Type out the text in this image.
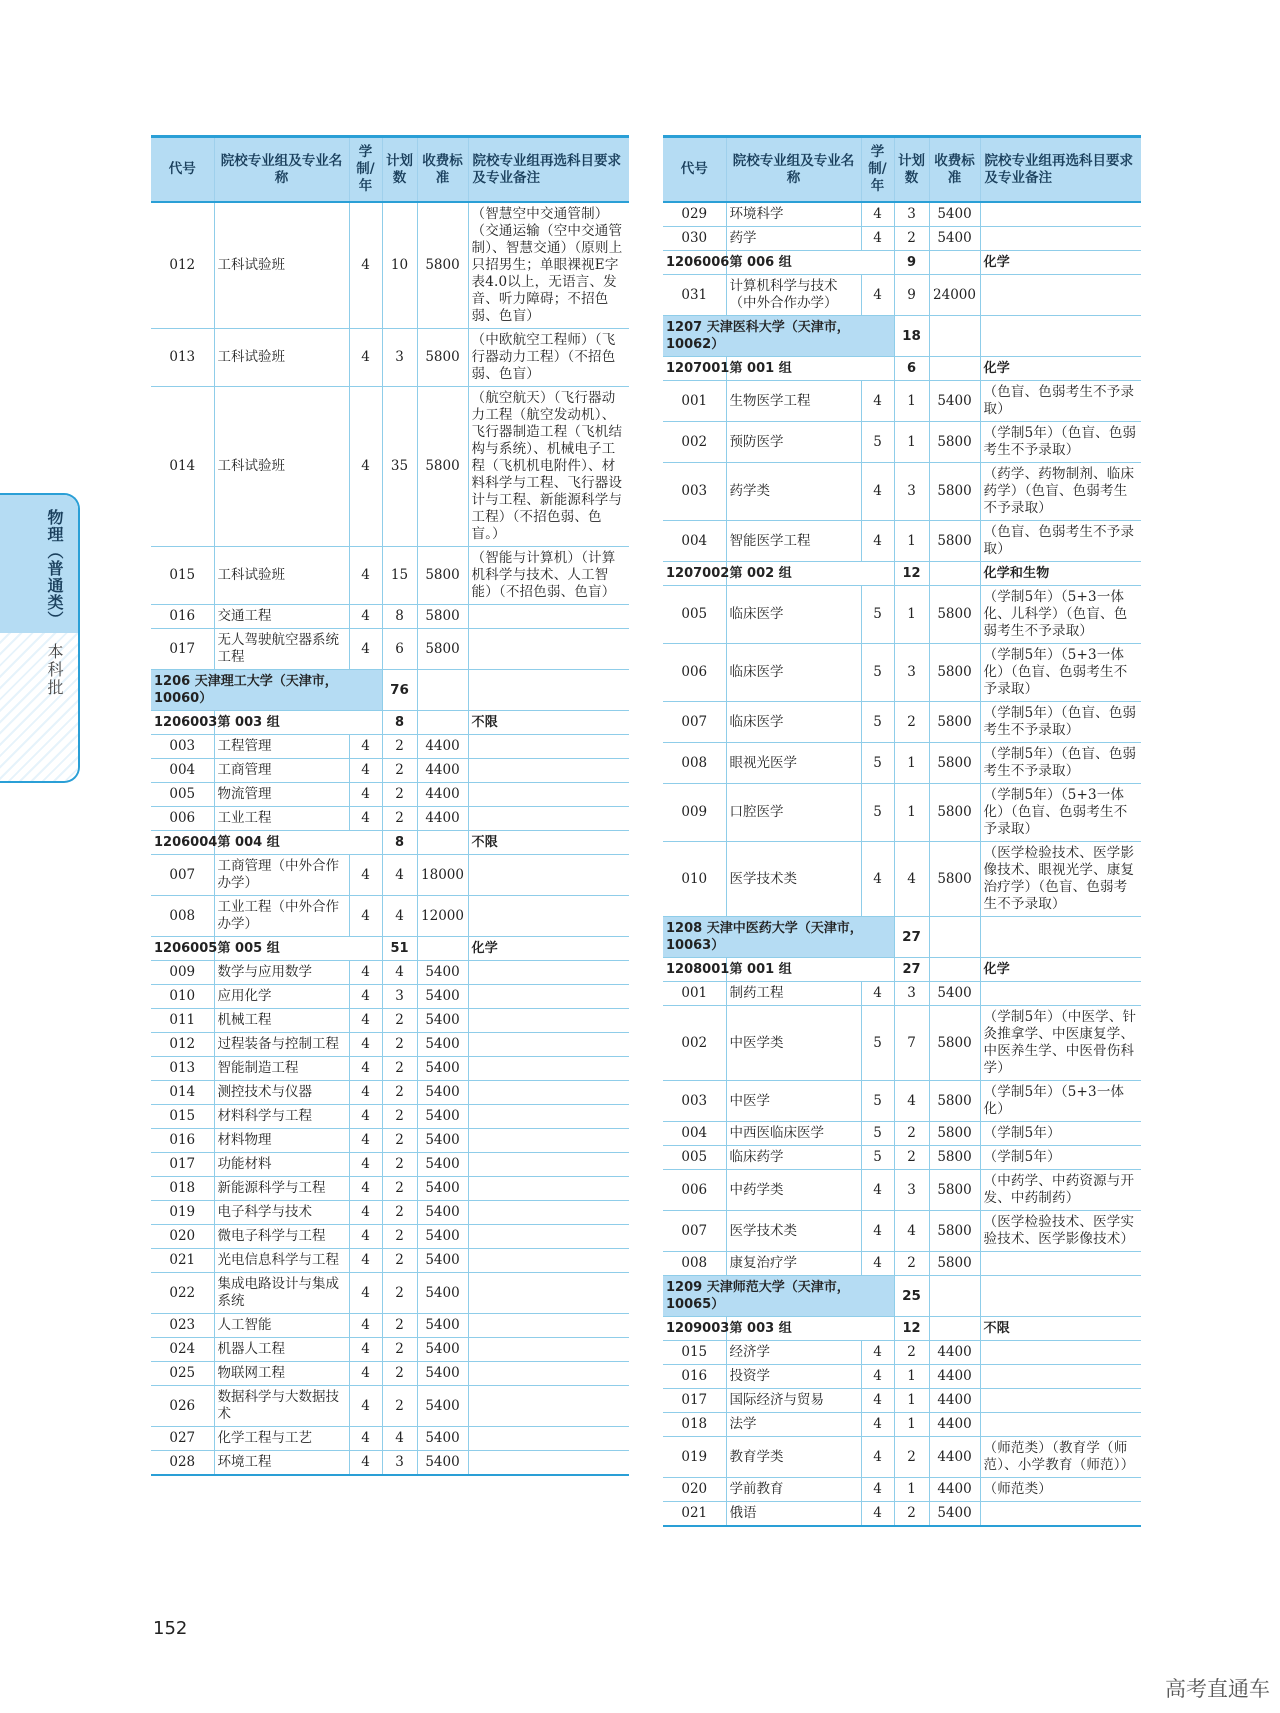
物理（普通类）
本科批
代号	院校专业组及专业名称	学制/年	计划数	收费标准	院校专业组再选科目要求及专业备注
012	工科试验班	4	10	5800	（智慧空中交通管制）（交通运输（空中交通管制）、智慧交通）（原则上只招男生；单眼裸视E字表4.0以上，无语言、发音、听力障碍；不招色弱、色盲）
013	工科试验班	4	3	5800	（中欧航空工程师）（飞行器动力工程）（不招色弱、色盲）
014	工科试验班	4	35	5800	（航空航天）（飞行器动力工程（航空发动机）、飞行器制造工程（飞机结构与系统）、机械电子工程（飞机机电附件）、材料科学与工程、飞行器设计与工程、新能源科学与工程）（不招色弱、色盲。）
015	工科试验班	4	15	5800	（智能与计算机）（计算机科学与技术、人工智能）（不招色弱、色盲）
016	交通工程	4	8	5800	
017	无人驾驶航空器系统工程	4	6	5800	
1206 天津理工大学（天津市，10060）			76		
1206003	第 003 组		8		不限
003	工程管理	4	2	4400	
004	工商管理	4	2	4400	
005	物流管理	4	2	4400	
006	工业工程	4	2	4400	
1206004	第 004 组		8		不限
007	工商管理（中外合作办学）	4	4	18000	
008	工业工程（中外合作办学）	4	4	12000	
1206005	第 005 组		51		化学
009	数学与应用数学	4	4	5400	
010	应用化学	4	3	5400	
011	机械工程	4	2	5400	
012	过程装备与控制工程	4	2	5400	
013	智能制造工程	4	2	5400	
014	测控技术与仪器	4	2	5400	
015	材料科学与工程	4	2	5400	
016	材料物理	4	2	5400	
017	功能材料	4	2	5400	
018	新能源科学与工程	4	2	5400	
019	电子科学与技术	4	2	5400	
020	微电子科学与工程	4	2	5400	
021	光电信息科学与工程	4	2	5400	
022	集成电路设计与集成系统	4	2	5400	
023	人工智能	4	2	5400	
024	机器人工程	4	2	5400	
025	物联网工程	4	2	5400	
026	数据科学与大数据技术	4	2	5400	
027	化学工程与工艺	4	4	5400	
028	环境工程	4	3	5400	
代号	院校专业组及专业名称	学制/年	计划数	收费标准	院校专业组再选科目要求及专业备注
029	环境科学	4	3	5400	
030	药学	4	2	5400	
1206006	第 006 组		9		化学
031	计算机科学与技术（中外合作办学）	4	9	24000	
1207 天津医科大学（天津市，10062）			18		
1207001	第 001 组		6		化学
001	生物医学工程	4	1	5400	（色盲、色弱考生不予录取）
002	预防医学	5	1	5800	（学制5年）（色盲、色弱考生不予录取）
003	药学类	4	3	5800	（药学、药物制剂、临床药学）（色盲、色弱考生不予录取）
004	智能医学工程	4	1	5800	（色盲、色弱考生不予录取）
1207002	第 002 组		12		化学和生物
005	临床医学	5	1	5800	（学制5年）（5+3一体化、儿科学）（色盲、色弱考生不予录取）
006	临床医学	5	3	5800	（学制5年）（5+3一体化）（色盲、色弱考生不予录取）
007	临床医学	5	2	5800	（学制5年）（色盲、色弱考生不予录取）
008	眼视光医学	5	1	5800	（学制5年）（色盲、色弱考生不予录取）
009	口腔医学	5	1	5800	（学制5年）（5+3一体化）（色盲、色弱考生不予录取）
010	医学技术类	4	4	5800	（医学检验技术、医学影像技术、眼视光学、康复治疗学）（色盲、色弱考生不予录取）
1208 天津中医药大学（天津市，10063）			27		
1208001	第 001 组		27		化学
001	制药工程	4	3	5400	
002	中医学类	5	7	5800	（学制5年）（中医学、针灸推拿学、中医康复学、中医养生学、中医骨伤科学）
003	中医学	5	4	5800	（学制5年）（5+3一体化）
004	中西医临床医学	5	2	5800	（学制5年）
005	临床药学	5	2	5800	（学制5年）
006	中药学类	4	3	5800	（中药学、中药资源与开发、中药制药）
007	医学技术类	4	4	5800	（医学检验技术、医学实验技术、医学影像技术）
008	康复治疗学	4	2	5800	
1209 天津师范大学（天津市，10065）			25		
1209003	第 003 组		12		不限
015	经济学	4	2	4400	
016	投资学	4	1	4400	
017	国际经济与贸易	4	1	4400	
018	法学	4	1	4400	
019	教育学类	4	2	4400	（师范类）（教育学（师范）、小学教育（师范））
020	学前教育	4	1	4400	（师范类）
021	俄语	4	2	5400	
152
高考直通车
